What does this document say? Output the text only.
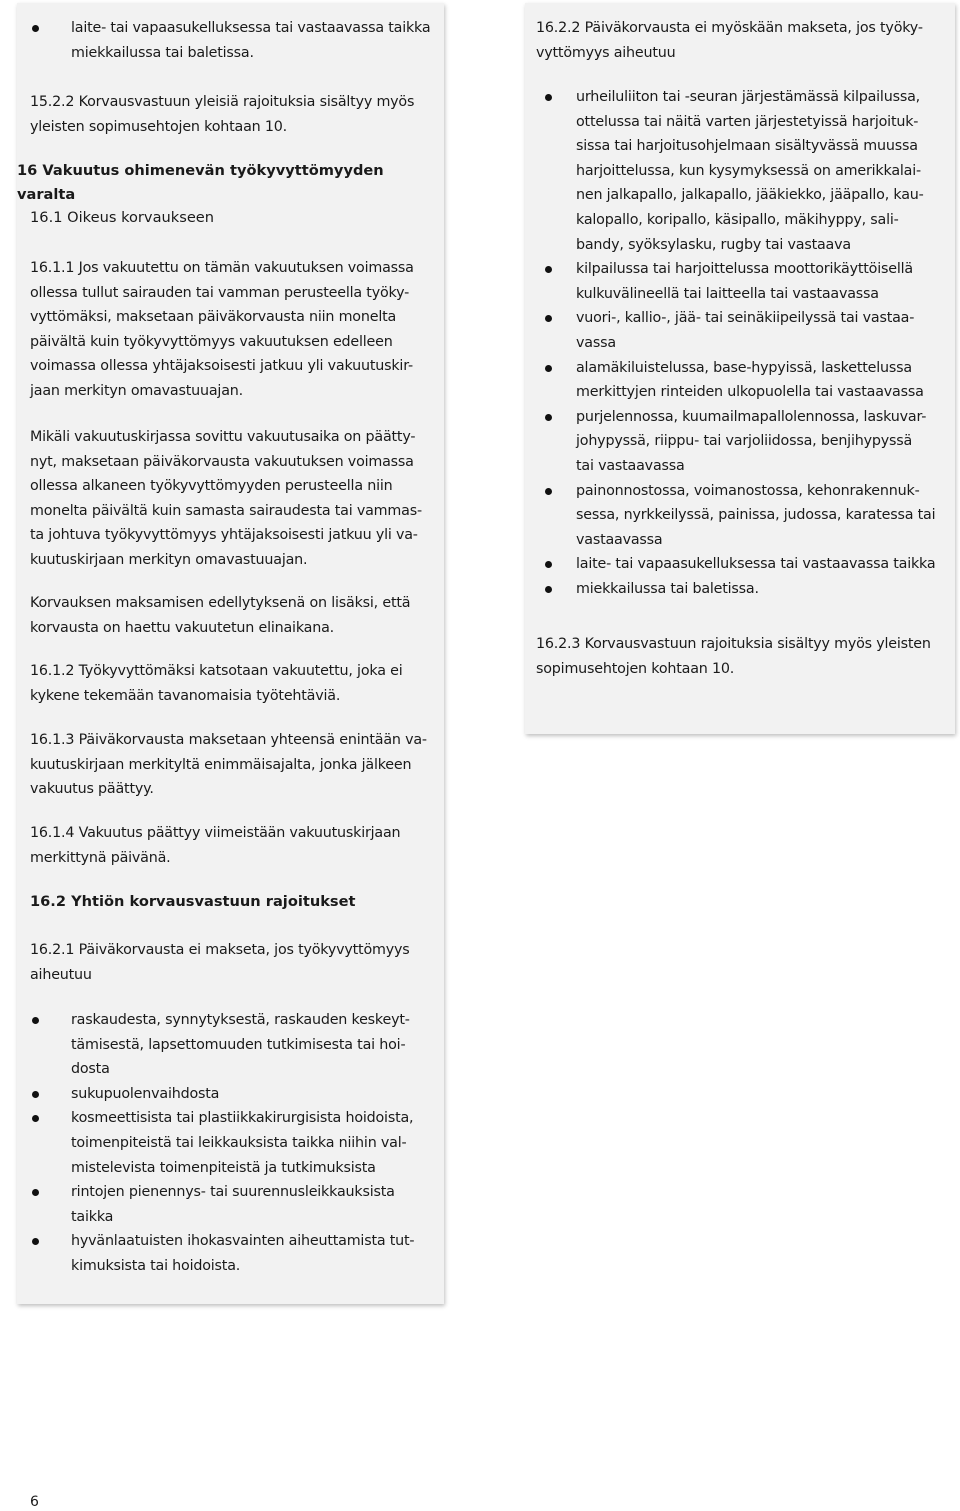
laite- tai vapaasukelluksessa tai vastaavassa taikka
miekkailussa tai baletissa.

15.2.2 Korvausvastuun yleisiä rajoituksia sisältyy myös
yleisten sopimusehtojen kohtaan 10.

16 Vakuutus ohimenevän työkyvyttömyyden varalta

16.1 Oikeus korvaukseen

16.1.1 Jos vakuutettu on tämän vakuutuksen voimassa
ollessa tullut sairauden tai vamman perusteella työky-
vyttömäksi, maksetaan päiväkorvausta niin monelta
päivältä kuin työkyvyttömyys vakuutuksen edelleen
voimassa ollessa yhtäjaksoisesti jatkuu yli vakuutuskir-
jaan merkityn omavastuuajan.

Mikäli vakuutuskirjassa sovittu vakuutusaika on päätty-
nyt, maksetaan päiväkorvausta vakuutuksen voimassa
ollessa alkaneen työkyvyttömyyden perusteella niin
monelta päivältä kuin samasta sairaudesta tai vammas-
ta johtuva työkyvyttömyys yhtäjaksoisesti jatkuu yli va-
kuutuskirjaan merkityn omavastuuajan.

Korvauksen maksamisen edellytyksenä on lisäksi, että
korvausta on haettu vakuutetun elinaikana.

16.1.2 Työkyvyttömäksi katsotaan vakuutettu, joka ei
kykene tekemään tavanomaisia työtehtäviä.

16.1.3 Päiväkorvausta maksetaan yhteensä enintään va-
kuutuskirjaan merkityltä enimmäisajalta, jonka jälkeen
vakuutus päättyy.

16.1.4 Vakuutus päättyy viimeistään vakuutuskirjaan
merkittynä päivänä.

16.2 Yhtiön korvausvastuun rajoitukset

16.2.1 Päiväkorvausta ei makseta, jos työkyvyttömyys
aiheutuu

raskaudesta, synnytyksestä, raskauden keskeyt-
tämisestä, lapsettomuuden tutkimisesta tai hoi-
dosta
sukupuolenvaihdosta
kosmeettisista tai plastiikkakirurgisista hoidoista,
toimenpiteistä tai leikkauksista taikka niihin val-
mistelevista toimenpiteistä ja tutkimuksista
rintojen pienennys- tai suurennusleikkauksista
taikka
hyvänlaatuisten ihokasvainten aiheuttamista tut-
kimuksista tai hoidoista.

16.2.2 Päiväkorvausta ei myöskään makseta, jos työky-
vyttömyys aiheutuu

urheiluliiton tai -seuran järjestämässä kilpailussa,
ottelussa tai näitä varten järjestetyissä harjoituk-
sissa tai harjoitusohjelmaan sisältyvässä muussa
harjoittelussa, kun kysymyksessä on amerikkalai-
nen jalkapallo, jalkapallo, jääkiekko, jääpallo, kau-
kalopallo, koripallo, käsipallo, mäkihyppy, sali-
bandy, syöksylasku, rugby tai vastaava
kilpailussa tai harjoittelussa moottorikäyttöisellä
kulkuvälineellä tai laitteella tai vastaavassa
vuori-, kallio-, jää- tai seinäkiipeilyssä tai vastaa-
vassa
alamäkiluistelussa, base-hypyissä, laskettelussa
merkittyjen rinteiden ulkopuolella tai vastaavassa
purjelennossa, kuumailmapallolennossa, laskuvar-
johypyssä, riippu- tai varjoliidossa, benjihypyssä
tai vastaavassa
painonnostossa, voimanostossa, kehonrakennuk-
sessa, nyrkkeilyssä, painissa, judossa, karatessa tai
vastaavassa
laite- tai vapaasukelluksessa tai vastaavassa taikka
miekkailussa tai baletissa.

16.2.3 Korvausvastuun rajoituksia sisältyy myös yleisten
sopimusehtojen kohtaan 10.

6
